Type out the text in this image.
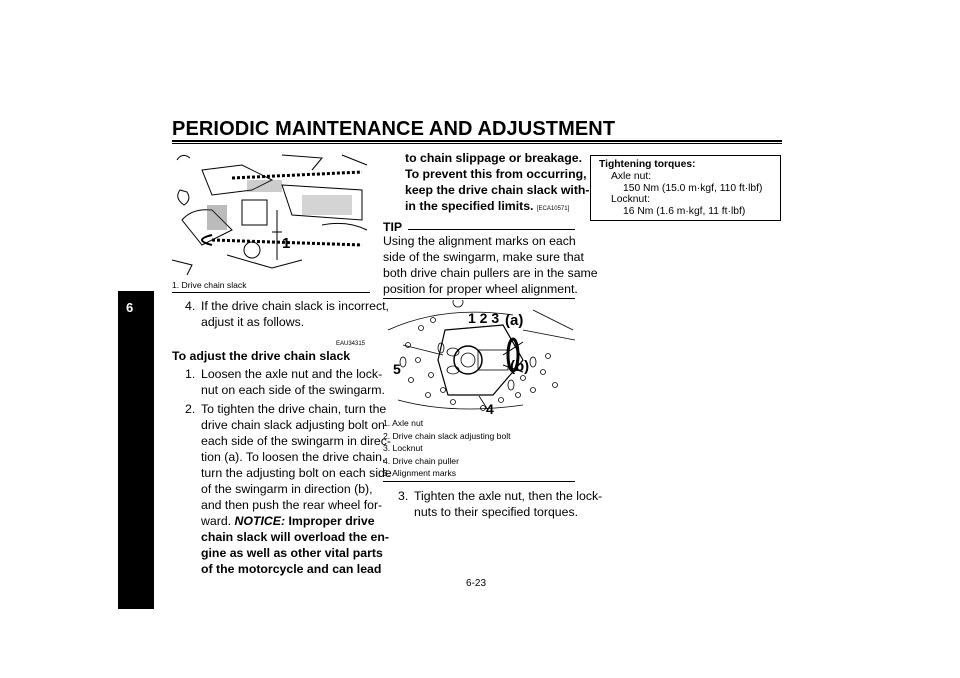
PERIODIC MAINTENANCE AND ADJUSTMENT
6
1
1. Drive chain slack
4. If the drive chain slack is incorrect,
adjust it as follows.
EAU34315
To adjust the drive chain slack
1. Loosen the axle nut and the lock-
nut on each side of the swingarm.
2. To tighten the drive chain, turn the
drive chain slack adjusting bolt on
each side of the swingarm in direc-
tion (a). To loosen the drive chain,
turn the adjusting bolt on each side
of the swingarm in direction (b),
and then push the rear wheel for-
ward. NOTICE: Improper drive
chain slack will overload the en-
gine as well as other vital parts
of the motorcycle and can lead
to chain slippage or breakage.
To prevent this from occurring,
keep the drive chain slack with-
in the specified limits. [ECA10571]
TIP
Using the alignment marks on each
side of the swingarm, make sure that
both drive chain pullers are in the same
position for proper wheel alignment.
1 2 3 (a)
(b)
5
4
1. Axle nut
2. Drive chain slack adjusting bolt
3. Locknut
4. Drive chain puller
5. Alignment marks
3. Tighten the axle nut, then the lock-
nuts to their specified torques.
Tightening torques:
Axle nut:
150 Nm (15.0 m·kgf, 110 ft·lbf)
Locknut:
16 Nm (1.6 m·kgf, 11 ft·lbf)
6-23
